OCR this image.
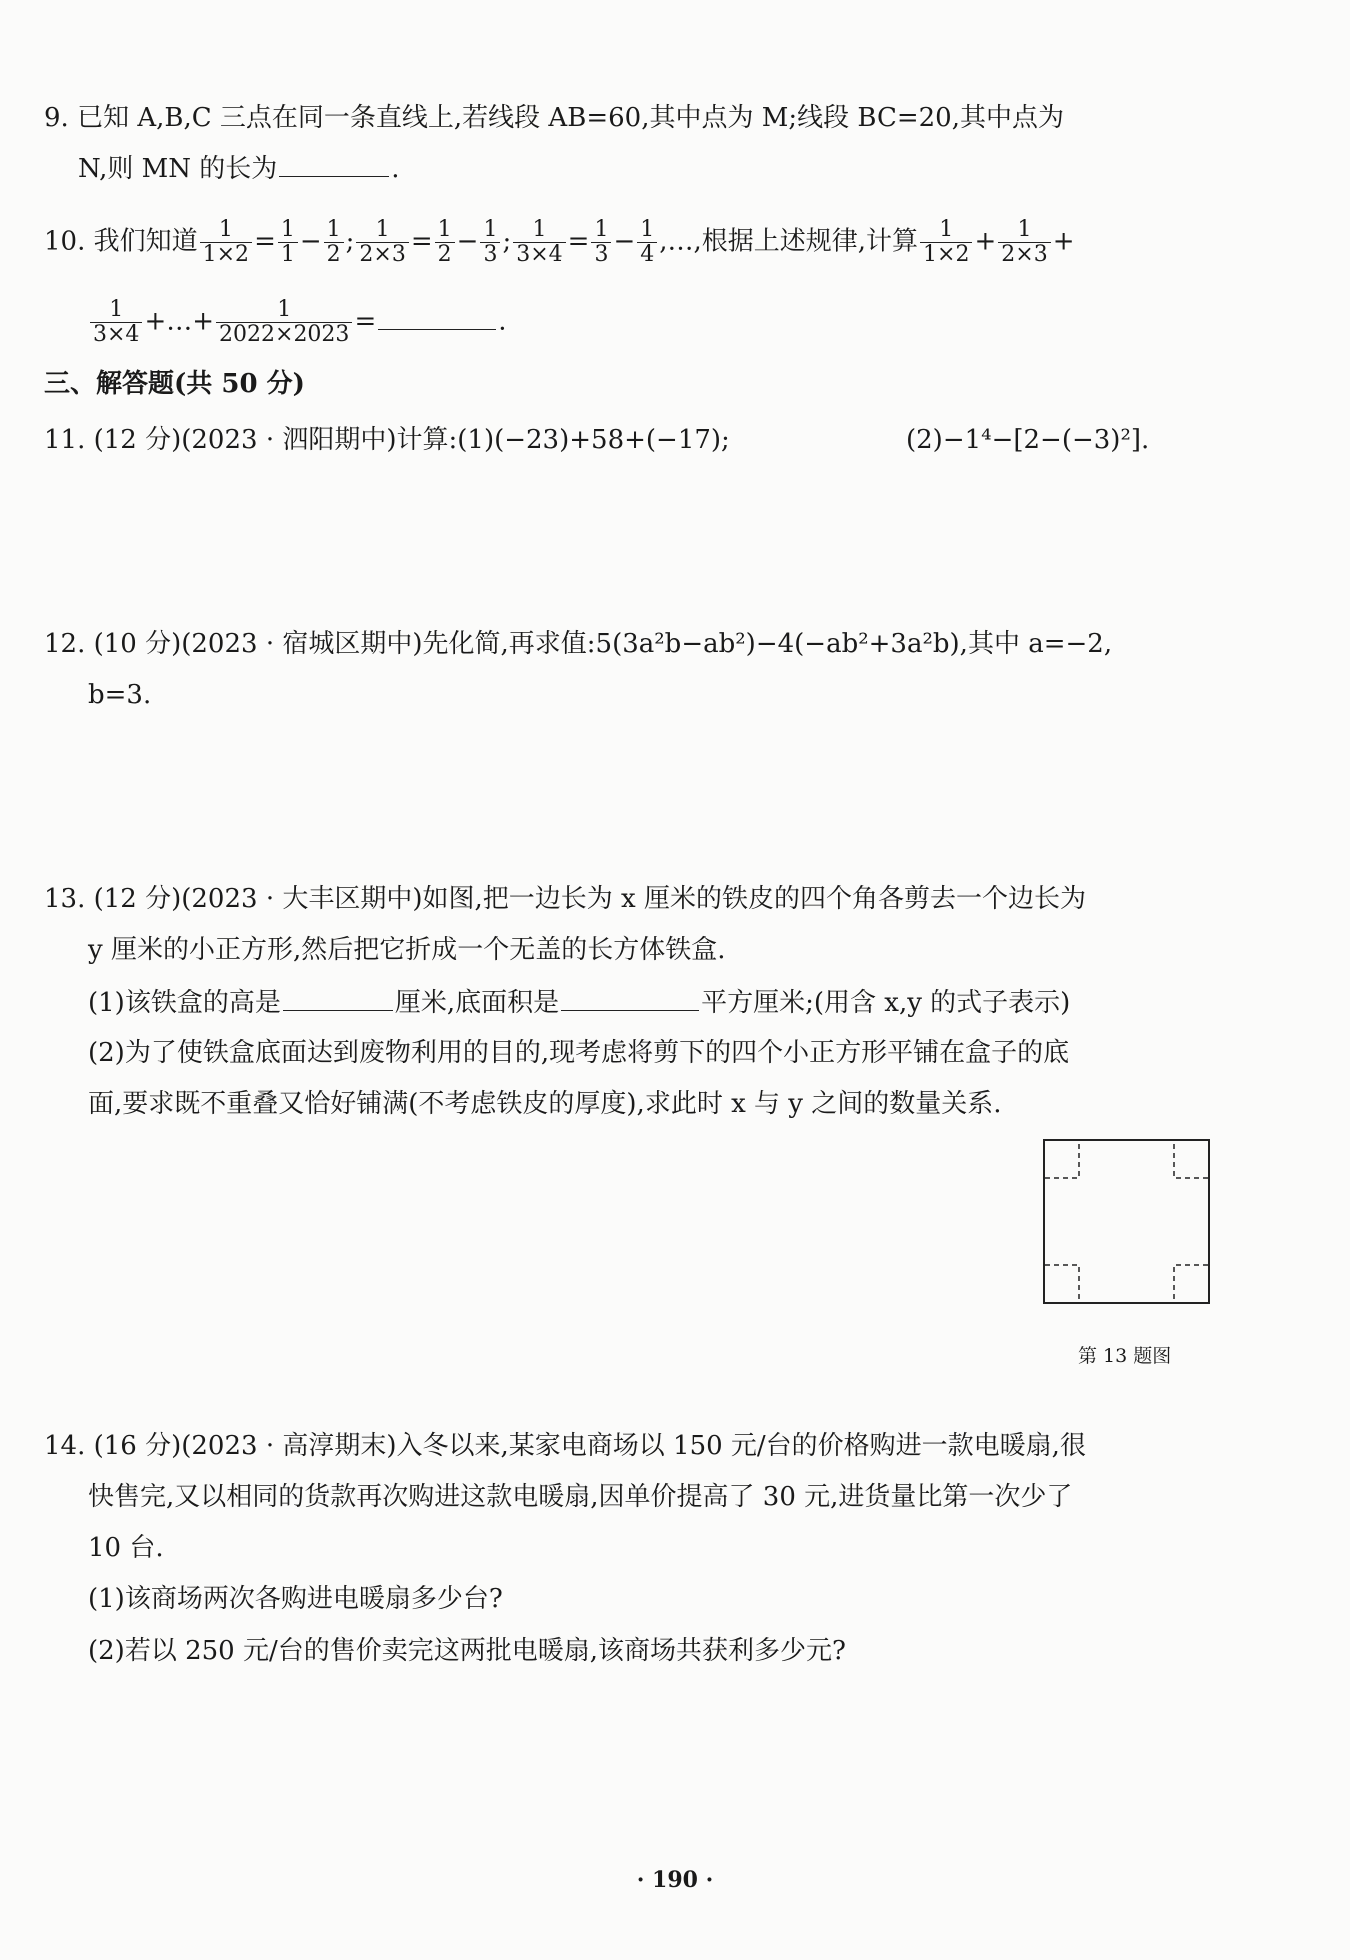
9. 已知 A,B,C 三点在同一条直线上,若线段 AB=60,其中点为 M;线段 BC=20,其中点为
N,则 MN 的长为	.
10. 我们知道 $\frac{1}{1\times 2} = \frac{1}{1} - \frac{1}{2}$ ; $\frac{1}{2\times 3} = \frac{1}{2} - \frac{1}{3}$ ; $\frac{1}{3\times 4} = \frac{1}{3} - \frac{1}{4}$ ,…,根据上述规律,计算 $\frac{1}{1\times 2} + \frac{1}{2\times 3}$ +
$\frac{1}{3\times 4}$ +…+ $\frac{1}{2022\times 2023}$ =	.
三、解答题(共 50 分)
11. (12 分)(2023 · 泗阳期中)计算:(1)(−23)+58+(−17);	(2)−1⁴−[2−(−3)²].
12. (10 分)(2023 · 宿城区期中)先化简,再求值:5(3a²b−ab²)−4(−ab²+3a²b),其中 a=−2,
b=3.
13. (12 分)(2023 · 大丰区期中)如图,把一边长为 x 厘米的铁皮的四个角各剪去一个边长为
y 厘米的小正方形,然后把它折成一个无盖的长方体铁盒.
(1)该铁盒的高是	厘米,底面积是	平方厘米;(用含 x,y 的式子表示)
(2)为了使铁盒底面达到废物利用的目的,现考虑将剪下的四个小正方形平铺在盒子的底
面,要求既不重叠又恰好铺满(不考虑铁皮的厚度),求此时 x 与 y 之间的数量关系.
第 13 题图
14. (16 分)(2023 · 高淳期末)入冬以来,某家电商场以 150 元/台的价格购进一款电暖扇,很
快售完,又以相同的货款再次购进这款电暖扇,因单价提高了 30 元,进货量比第一次少了
10 台.
(1)该商场两次各购进电暖扇多少台?
(2)若以 250 元/台的售价卖完这两批电暖扇,该商场共获利多少元?
· 190 ·
